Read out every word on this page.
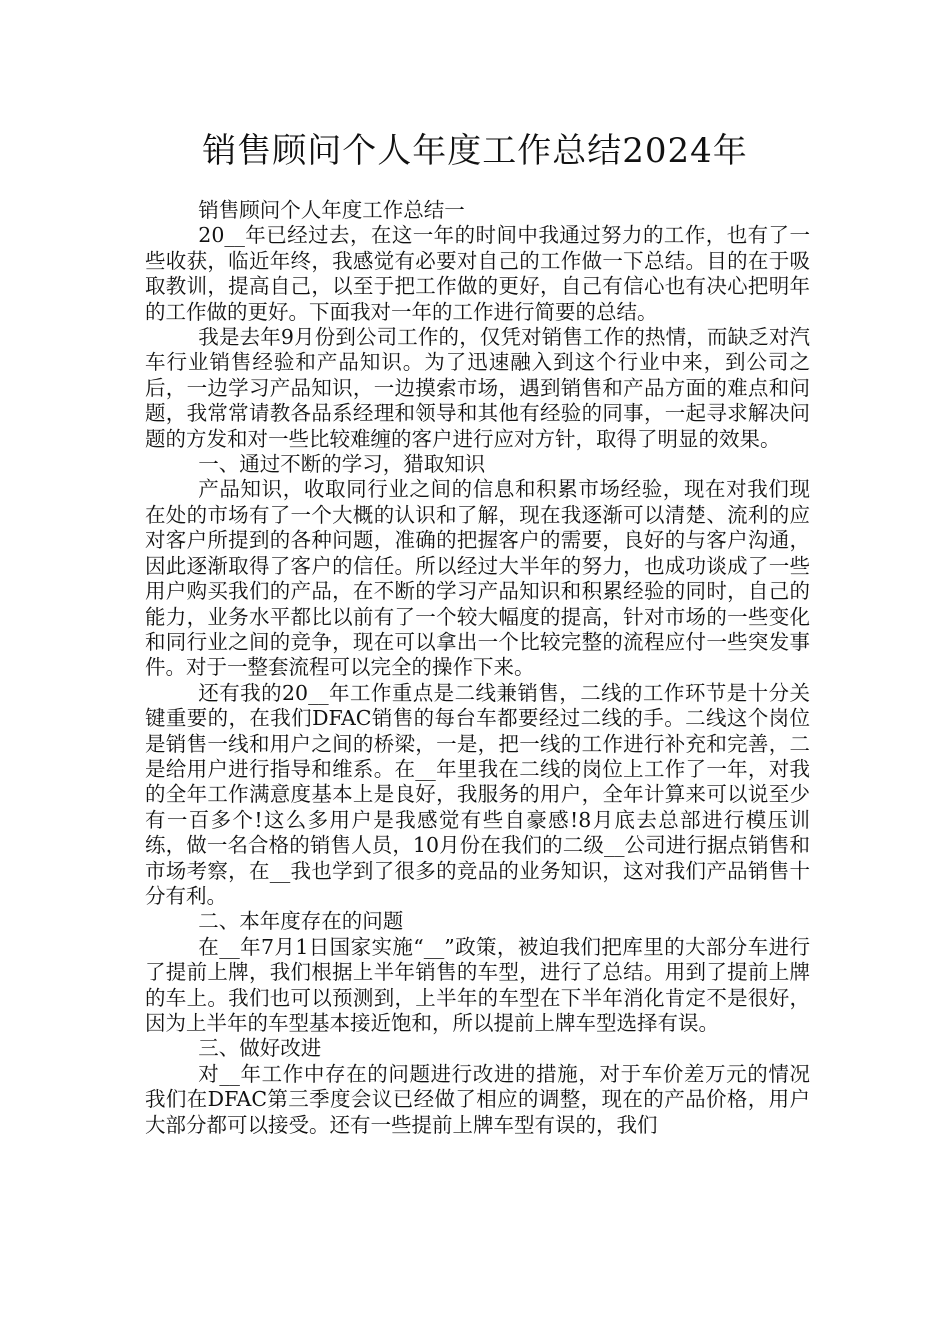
销售顾问个人年度工作总结2024年

销售顾问个人年度工作总结一

20__年已经过去，在这一年的时间中我通过努力的工作，也有了一些收获，临近年终，我感觉有必要对自己的工作做一下总结。目的在于吸取教训，提高自己，以至于把工作做的更好，自己有信心也有决心把明年的工作做的更好。下面我对一年的工作进行简要的总结。

我是去年9月份到公司工作的，仅凭对销售工作的热情，而缺乏对汽车行业销售经验和产品知识。为了迅速融入到这个行业中来，到公司之后，一边学习产品知识，一边摸索市场，遇到销售和产品方面的难点和问题，我常常请教各品系经理和领导和其他有经验的同事，一起寻求解决问题的方发和对一些比较难缠的客户进行应对方针，取得了明显的效果。

一、通过不断的学习，猎取知识

产品知识，收取同行业之间的信息和积累市场经验，现在对我们现在处的市场有了一个大概的认识和了解，现在我逐渐可以清楚、流利的应对客户所提到的各种问题，准确的把握客户的需要，良好的与客户沟通，因此逐渐取得了客户的信任。所以经过大半年的努力，也成功谈成了一些用户购买我们的产品，在不断的学习产品知识和积累经验的同时，自己的能力，业务水平都比以前有了一个较大幅度的提高，针对市场的一些变化和同行业之间的竞争，现在可以拿出一个比较完整的流程应付一些突发事件。对于一整套流程可以完全的操作下来。

还有我的20__年工作重点是二线兼销售，二线的工作环节是十分关键重要的，在我们DFAC销售的每台车都要经过二线的手。二线这个岗位是销售一线和用户之间的桥梁，一是，把一线的工作进行补充和完善，二是给用户进行指导和维系。在__年里我在二线的岗位上工作了一年，对我的全年工作满意度基本上是良好，我服务的用户，全年计算来可以说至少有一百多个!这么多用户是我感觉有些自豪感!8月底去总部进行模压训练，做一名合格的销售人员，10月份在我们的二级__公司进行据点销售和市场考察，在__我也学到了很多的竞品的业务知识，这对我们产品销售十分有利。

二、本年度存在的问题

在__年7月1日国家实施“__”政策，被迫我们把库里的大部分车进行了提前上牌，我们根据上半年销售的车型，进行了总结。用到了提前上牌的车上。我们也可以预测到，上半年的车型在下半年消化肯定不是很好，因为上半年的车型基本接近饱和，所以提前上牌车型选择有误。

三、做好改进

对__年工作中存在的问题进行改进的措施，对于车价差万元的情况我们在DFAC第三季度会议已经做了相应的调整，现在的产品价格，用户大部分都可以接受。还有一些提前上牌车型有误的，我们
